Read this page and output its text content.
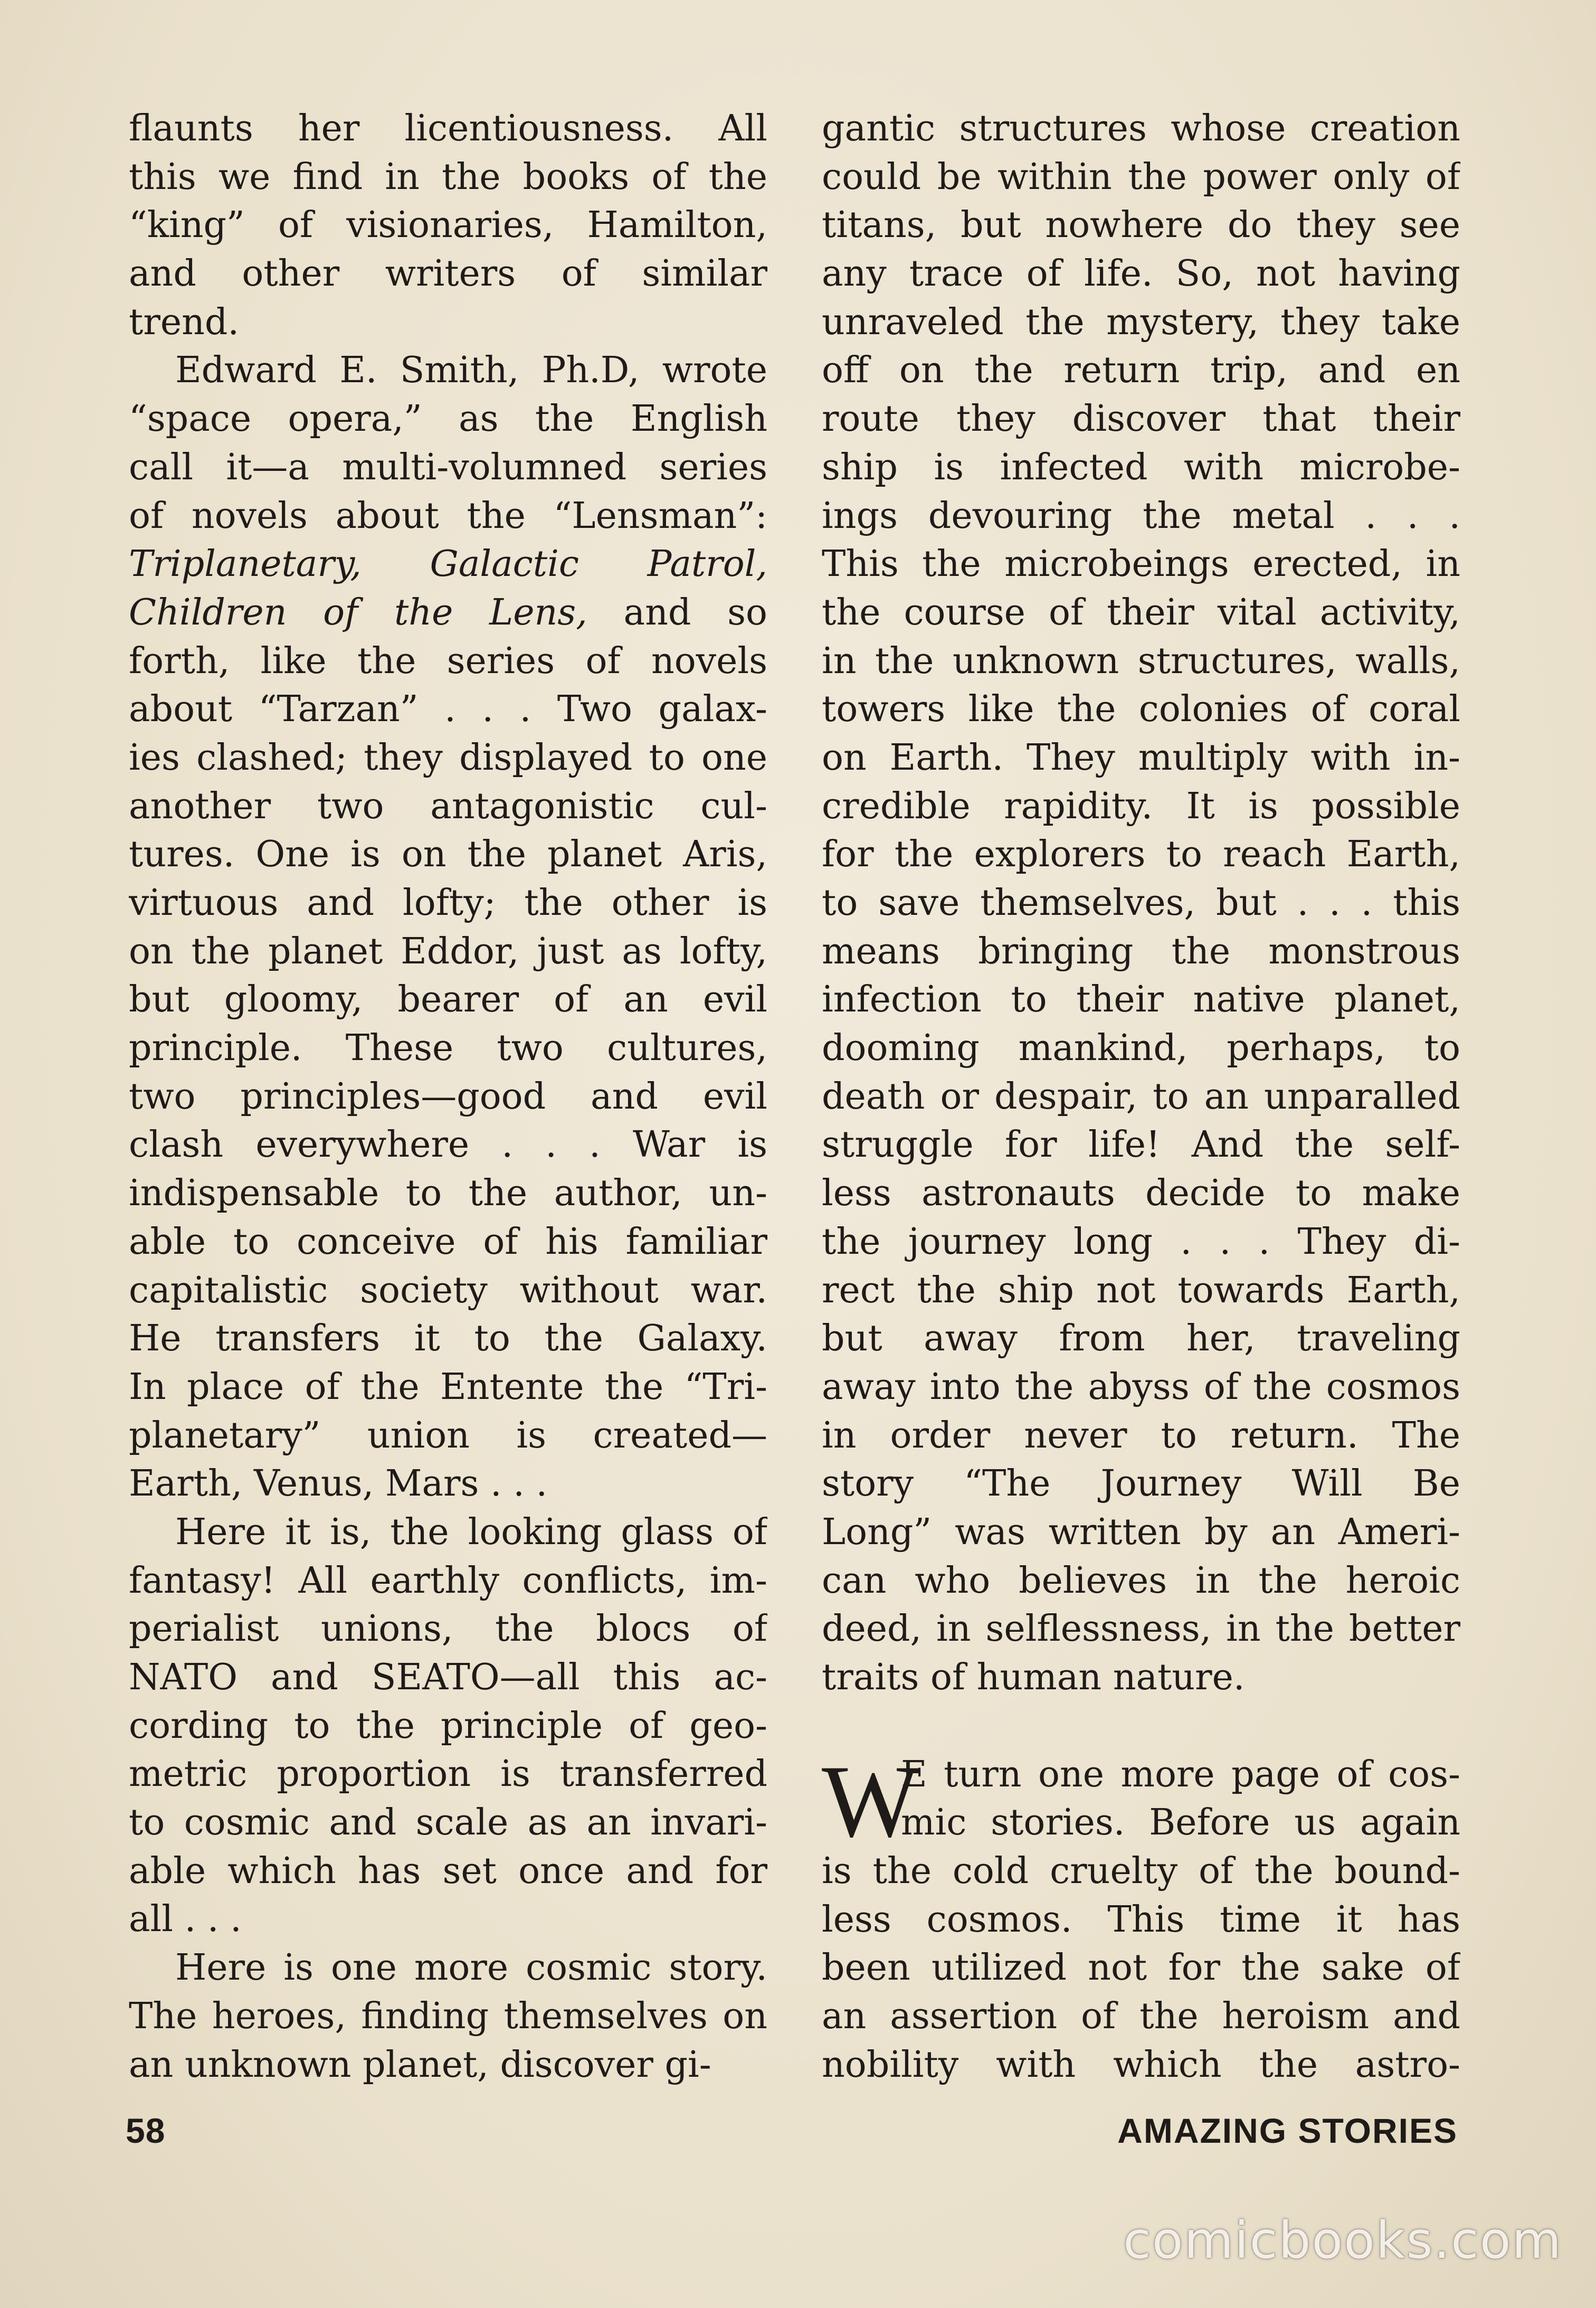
flaunts her licentiousness. All
this we find in the books of the
“king” of visionaries, Hamilton,
and other writers of similar
trend.
Edward E. Smith, Ph.D, wrote
“space opera,” as the English
call it—a multi-volumned series
of novels about the “Lensman”:
Triplanetary, Galactic Patrol,
Children of the Lens, and so
forth, like the series of novels
about “Tarzan” . . . Two galax-
ies clashed; they displayed to one
another two antagonistic cul-
tures. One is on the planet Aris,
virtuous and lofty; the other is
on the planet Eddor, just as lofty,
but gloomy, bearer of an evil
principle. These two cultures,
two principles—good and evil
clash everywhere . . . War is
indispensable to the author, un-
able to conceive of his familiar
capitalistic society without war.
He transfers it to the Galaxy.
In place of the Entente the “Tri-
planetary” union is created—
Earth, Venus, Mars . . .
Here it is, the looking glass of
fantasy! All earthly conflicts, im-
perialist unions, the blocs of
NATO and SEATO—all this ac-
cording to the principle of geo-
metric proportion is transferred
to cosmic and scale as an invari-
able which has set once and for
all . . .
Here is one more cosmic story.
The heroes, finding themselves on
an unknown planet, discover gi-
gantic structures whose creation
could be within the power only of
titans, but nowhere do they see
any trace of life. So, not having
unraveled the mystery, they take
off on the return trip, and en
route they discover that their
ship is infected with microbe-
ings devouring the metal . . .
This the microbeings erected, in
the course of their vital activity,
in the unknown structures, walls,
towers like the colonies of coral
on Earth. They multiply with in-
credible rapidity. It is possible
for the explorers to reach Earth,
to save themselves, but . . . this
means bringing the monstrous
infection to their native planet,
dooming mankind, perhaps, to
death or despair, to an unparalled
struggle for life! And the self-
less astronauts decide to make
the journey long . . . They di-
rect the ship not towards Earth,
but away from her, traveling
away into the abyss of the cosmos
in order never to return. The
story “The Journey Will Be
Long” was written by an Ameri-
can who believes in the heroic
deed, in selflessness, in the better
traits of human nature.
W
E turn one more page of cos-
mic stories. Before us again
is the cold cruelty of the bound-
less cosmos. This time it has
been utilized not for the sake of
an assertion of the heroism and
nobility with which the astro-
58	AMAZING STORIES
comicbooks.com
